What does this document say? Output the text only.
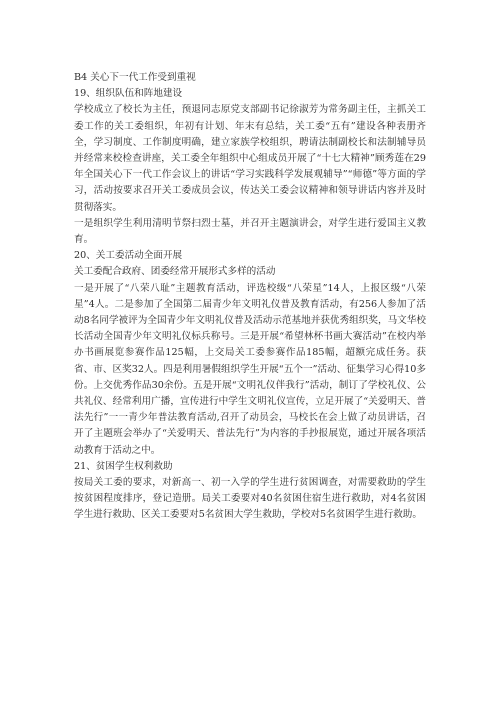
B4 关心下一代工作受到重视
19、组织队伍和阵地建设
学校成立了校长为主任，预退同志原党支部副书记徐淑芳为常务副主任，主抓关工委工作的关工委组织，年初有计划、年末有总结，关工委“五有”建设各种表册齐全，学习制度、工作制度明确，建立家族学校组织，聘请法制副校长和法制辅导员并经常来校检查讲座，关工委全年组织中心组成员开展了“十七大精神”顾秀莲在29年全国关心下一代工作会议上的讲话“学习实践科学发展观辅导”“师德”等方面的学习，活动按要求召开关工委成员会议，传达关工委会议精神和领导讲话内容并及时贯彻落实。
一是组织学生利用清明节祭扫烈士墓，并召开主题演讲会，对学生进行爱国主义教育。
20、关工委活动全面开展
关工委配合政府、团委经常开展形式多样的活动
一是开展了“八荣八耻”主题教育活动，评选校级“八荣星”14人，上报区级“八荣星”4人。二是参加了全国第二届青少年文明礼仪普及教育活动，有256人参加了活动8名同学被评为全国青少年文明礼仪普及活动示范基地并获优秀组织奖，马文华校长活动全国青少年文明礼仪标兵称号。三是开展“希望林杯书画大赛活动”在校内举办书画展览参赛作品125幅，上交局关工委参赛作品185幅，超额完成任务。获省、市、区奖32人。四是利用暑假组织学生开展“五个一”活动、征集学习心得10多份。上交优秀作品30余份。五是开展“文明礼仪伴我行”活动，制订了学校礼仪、公共礼仪、经常利用广播，宣传进行中学生文明礼仪宣传，立足开展了“关爱明天、普法先行”一一青少年普法教育活动,召开了动员会，马校长在会上做了动员讲话，召开了主题班会举办了“关爱明天、普法先行”为内容的手抄报展览，通过开展各项活动教育于活动之中。
21、贫困学生权利救助
按局关工委的要求，对新高一、初一入学的学生进行贫困调查，对需要救助的学生按贫困程度排序，登记造册。局关工委要对40名贫困住宿生进行救助，对4名贫困学生进行救助、区关工委要对5名贫困大学生救助，学校对5名贫困学生进行救助。
